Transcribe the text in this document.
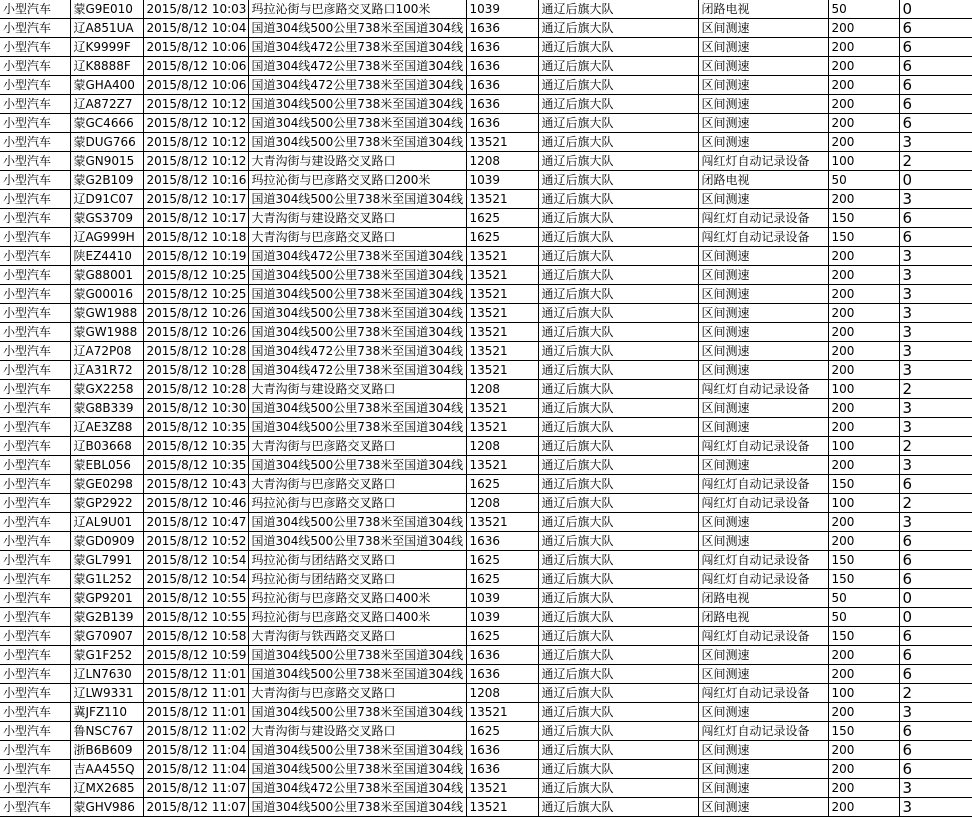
小型汽车	蒙G9E010	2015/8/12 10:03	玛拉沁街与巴彦路交叉路口100米	1039	通辽后旗大队	闭路电视	50	0
小型汽车	辽A851UA	2015/8/12 10:04	国道304线500公里738米至国道304线	1636	通辽后旗大队	区间测速	200	6
小型汽车	辽K9999F	2015/8/12 10:06	国道304线472公里738米至国道304线	1636	通辽后旗大队	区间测速	200	6
小型汽车	辽K8888F	2015/8/12 10:06	国道304线472公里738米至国道304线	1636	通辽后旗大队	区间测速	200	6
小型汽车	蒙GHA400	2015/8/12 10:06	国道304线472公里738米至国道304线	1636	通辽后旗大队	区间测速	200	6
小型汽车	辽A872Z7	2015/8/12 10:12	国道304线500公里738米至国道304线	1636	通辽后旗大队	区间测速	200	6
小型汽车	蒙GC4666	2015/8/12 10:12	国道304线500公里738米至国道304线	1636	通辽后旗大队	区间测速	200	6
小型汽车	蒙DUG766	2015/8/12 10:12	国道304线500公里738米至国道304线	13521	通辽后旗大队	区间测速	200	3
小型汽车	蒙GN9015	2015/8/12 10:12	大青沟街与建设路交叉路口	1208	通辽后旗大队	闯红灯自动记录设备	100	2
小型汽车	蒙G2B109	2015/8/12 10:16	玛拉沁街与巴彦路交叉路口200米	1039	通辽后旗大队	闭路电视	50	0
小型汽车	辽D91C07	2015/8/12 10:17	国道304线500公里738米至国道304线	13521	通辽后旗大队	区间测速	200	3
小型汽车	蒙GS3709	2015/8/12 10:17	大青沟街与建设路交叉路口	1625	通辽后旗大队	闯红灯自动记录设备	150	6
小型汽车	辽AG999H	2015/8/12 10:18	大青沟街与巴彦路交叉路口	1625	通辽后旗大队	闯红灯自动记录设备	150	6
小型汽车	陕EZ4410	2015/8/12 10:19	国道304线472公里738米至国道304线	13521	通辽后旗大队	区间测速	200	3
小型汽车	蒙G88001	2015/8/12 10:25	国道304线500公里738米至国道304线	13521	通辽后旗大队	区间测速	200	3
小型汽车	蒙G00016	2015/8/12 10:25	国道304线500公里738米至国道304线	13521	通辽后旗大队	区间测速	200	3
小型汽车	蒙GW1988	2015/8/12 10:26	国道304线500公里738米至国道304线	13521	通辽后旗大队	区间测速	200	3
小型汽车	蒙GW1988	2015/8/12 10:26	国道304线500公里738米至国道304线	13521	通辽后旗大队	区间测速	200	3
小型汽车	辽A72P08	2015/8/12 10:28	国道304线472公里738米至国道304线	13521	通辽后旗大队	区间测速	200	3
小型汽车	辽A31R72	2015/8/12 10:28	国道304线472公里738米至国道304线	13521	通辽后旗大队	区间测速	200	3
小型汽车	蒙GX2258	2015/8/12 10:28	大青沟街与建设路交叉路口	1208	通辽后旗大队	闯红灯自动记录设备	100	2
小型汽车	蒙G8B339	2015/8/12 10:30	国道304线500公里738米至国道304线	13521	通辽后旗大队	区间测速	200	3
小型汽车	辽AE3Z88	2015/8/12 10:35	国道304线500公里738米至国道304线	13521	通辽后旗大队	区间测速	200	3
小型汽车	辽B03668	2015/8/12 10:35	大青沟街与巴彦路交叉路口	1208	通辽后旗大队	闯红灯自动记录设备	100	2
小型汽车	蒙EBL056	2015/8/12 10:35	国道304线500公里738米至国道304线	13521	通辽后旗大队	区间测速	200	3
小型汽车	蒙GE0298	2015/8/12 10:43	大青沟街与巴彦路交叉路口	1625	通辽后旗大队	闯红灯自动记录设备	150	6
小型汽车	蒙GP2922	2015/8/12 10:46	玛拉沁街与巴彦路交叉路口	1208	通辽后旗大队	闯红灯自动记录设备	100	2
小型汽车	辽AL9U01	2015/8/12 10:47	国道304线500公里738米至国道304线	13521	通辽后旗大队	区间测速	200	3
小型汽车	蒙GD0909	2015/8/12 10:52	国道304线500公里738米至国道304线	1636	通辽后旗大队	区间测速	200	6
小型汽车	蒙GL7991	2015/8/12 10:54	玛拉沁街与团结路交叉路口	1625	通辽后旗大队	闯红灯自动记录设备	150	6
小型汽车	蒙G1L252	2015/8/12 10:54	玛拉沁街与团结路交叉路口	1625	通辽后旗大队	闯红灯自动记录设备	150	6
小型汽车	蒙GP9201	2015/8/12 10:55	玛拉沁街与巴彦路交叉路口400米	1039	通辽后旗大队	闭路电视	50	0
小型汽车	蒙G2B139	2015/8/12 10:55	玛拉沁街与巴彦路交叉路口400米	1039	通辽后旗大队	闭路电视	50	0
小型汽车	蒙G70907	2015/8/12 10:58	大青沟街与铁西路交叉路口	1625	通辽后旗大队	闯红灯自动记录设备	150	6
小型汽车	蒙G1F252	2015/8/12 10:59	国道304线500公里738米至国道304线	1636	通辽后旗大队	区间测速	200	6
小型汽车	辽LN7630	2015/8/12 11:01	国道304线500公里738米至国道304线	1636	通辽后旗大队	区间测速	200	6
小型汽车	辽LW9331	2015/8/12 11:01	大青沟街与巴彦路交叉路口	1208	通辽后旗大队	闯红灯自动记录设备	100	2
小型汽车	冀JFZ110	2015/8/12 11:01	国道304线500公里738米至国道304线	13521	通辽后旗大队	区间测速	200	3
小型汽车	鲁NSC767	2015/8/12 11:02	大青沟街与建设路交叉路口	1625	通辽后旗大队	闯红灯自动记录设备	150	6
小型汽车	浙B6B609	2015/8/12 11:04	国道304线500公里738米至国道304线	1636	通辽后旗大队	区间测速	200	6
小型汽车	吉AA455Q	2015/8/12 11:04	国道304线500公里738米至国道304线	1636	通辽后旗大队	区间测速	200	6
小型汽车	辽MX2685	2015/8/12 11:07	国道304线472公里738米至国道304线	13521	通辽后旗大队	区间测速	200	3
小型汽车	蒙GHV986	2015/8/12 11:07	国道304线500公里738米至国道304线	13521	通辽后旗大队	区间测速	200	3
